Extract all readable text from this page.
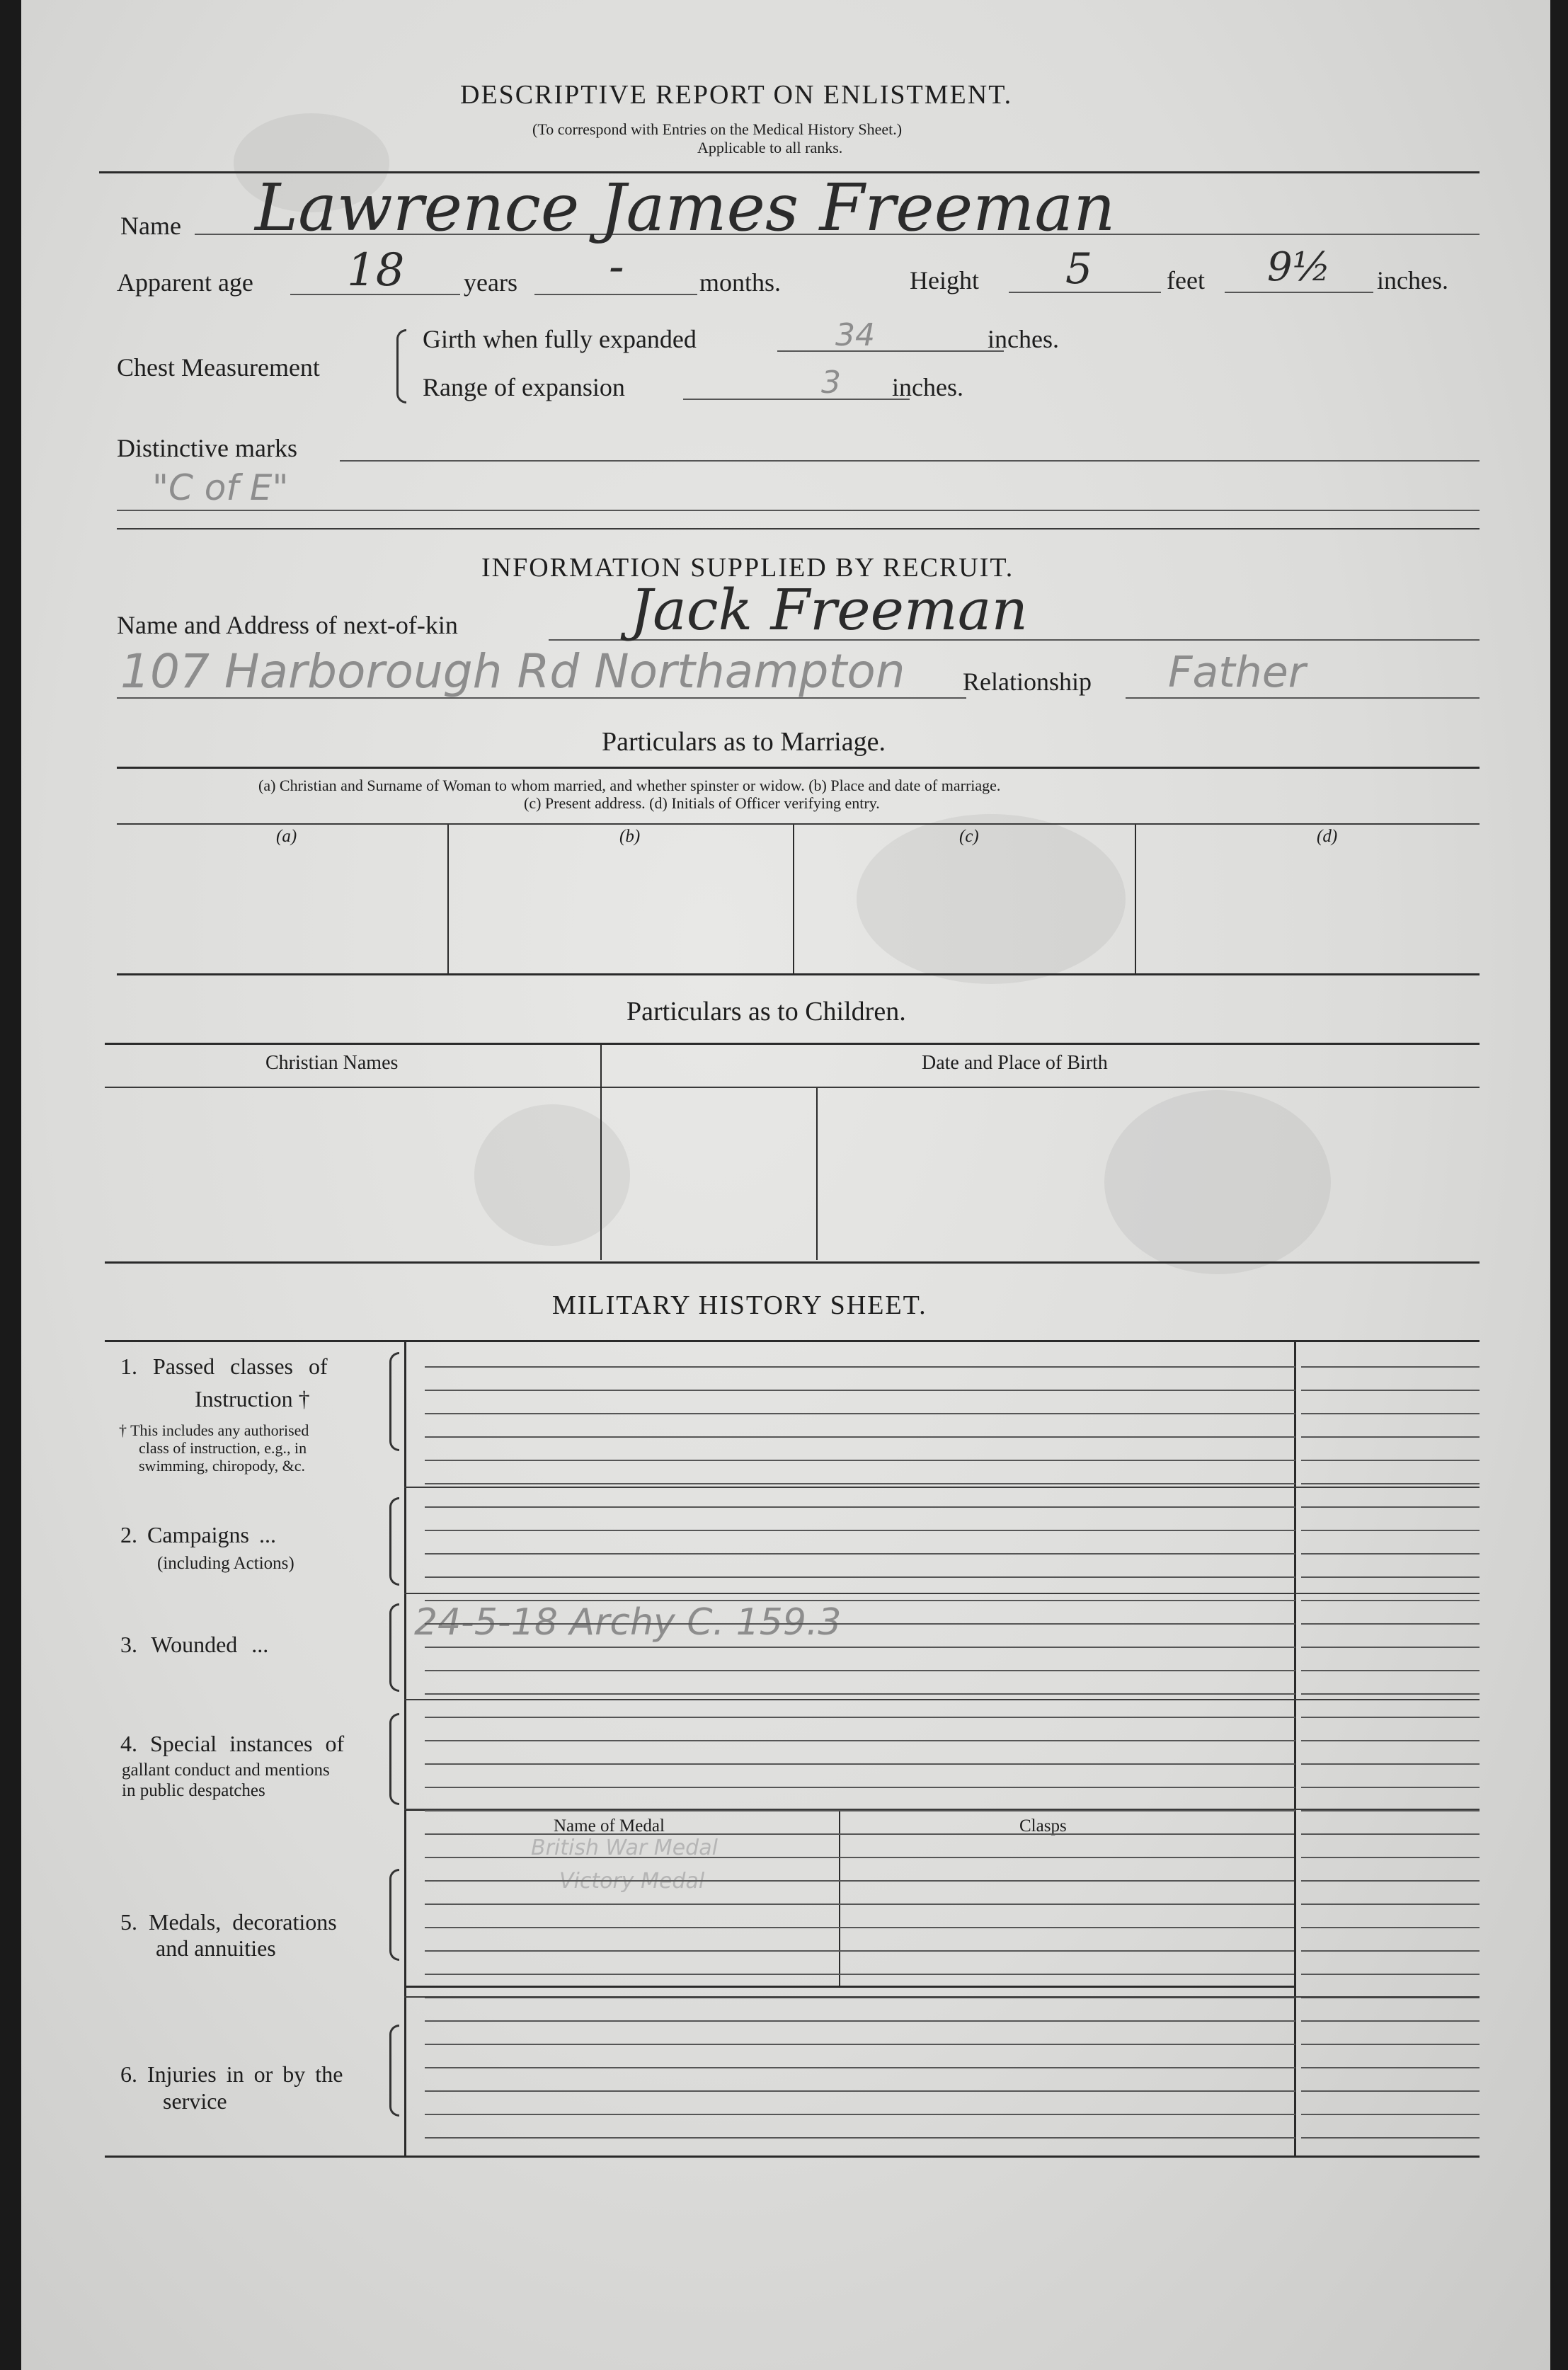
DESCRIPTIVE REPORT ON ENLISTMENT.
(To correspond with Entries on the Medical History Sheet.)
Applicable to all ranks.
Name Lawrence James Freeman
Apparent age 18 years -	months.	Height 5	feet 9½ inches.
Chest Measurement
Girth when fully expanded	34	inches.
Range of expansion	3 inches.
Distinctive marks
"C of E"
INFORMATION SUPPLIED BY RECRUIT.
Name and Address of next-of-kin	Jack Freeman
107 Harborough Rd Northampton Relationship Father
Particulars as to Marriage.
(a) Christian and Surname of Woman to whom married, and whether spinster or widow. (b) Place and date of marriage.
(c) Present address. (d) Initials of Officer verifying entry.
(a)	(b)	(c)	(d)
Particulars as to Children.
Christian Names	Date and Place of Birth
MILITARY HISTORY SHEET.
Name of Medal	Clasps
British War Medal
Victory Medal
1. Passed classes of
Instruction †
† This includes any authorised
class of instruction, e.g., in
swimming, chiropody, &c.
2. Campaigns ...
(including Actions)
3. Wounded ...
24-5-18 Archy C. 159.3
4. Special instances of
gallant conduct and mentions
in public despatches
5. Medals, decorations
and annuities
6. Injuries in or by the
service
